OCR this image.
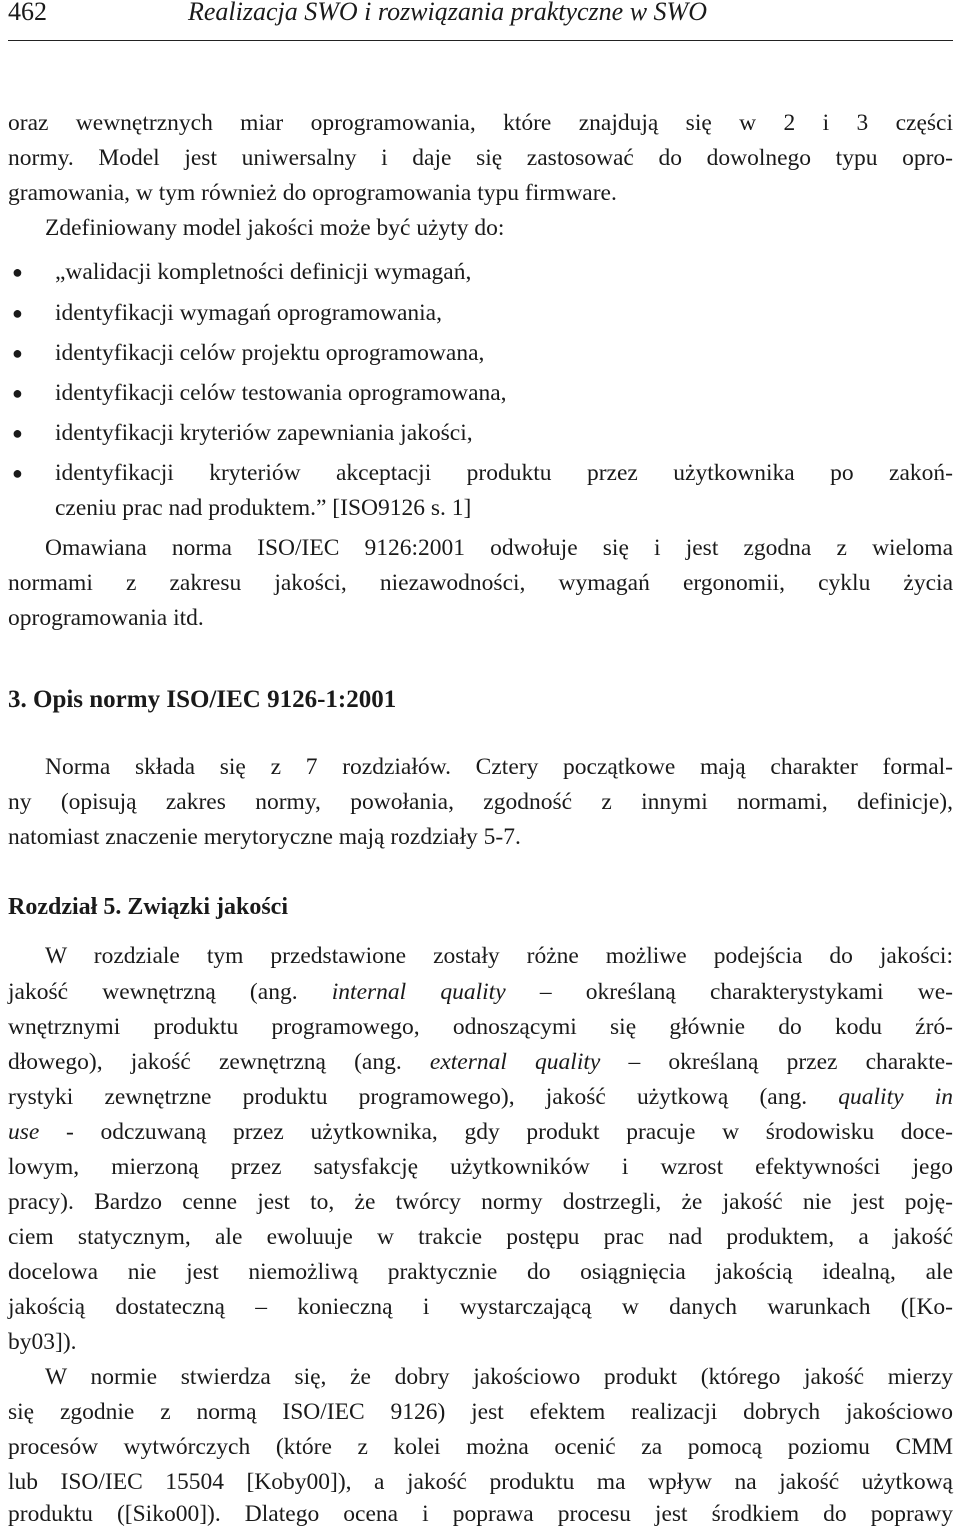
462	Realizacja SWO i rozwiązania praktyczne w SWO
oraz wewnętrznych miar oprogramowania, które znajdują się w 2 i 3 części
normy. Model jest uniwersalny i daje się zastosować do dowolnego typu opro-
gramowania, w tym również do oprogramowania typu firmware.
Zdefiniowany model jakości może być użyty do:
●	„walidacji kompletności definicji wymagań,
●	identyfikacji wymagań oprogramowania,
●	identyfikacji celów projektu oprogramowana,
●	identyfikacji celów testowania oprogramowana,
●	identyfikacji kryteriów zapewniania jakości,
●	identyfikacji kryteriów akceptacji produktu przez użytkownika po zakoń-
czeniu prac nad produktem.” [ISO9126 s. 1]
Omawiana norma ISO/IEC 9126:2001 odwołuje się i jest zgodna z wieloma
normami z zakresu jakości, niezawodności, wymagań ergonomii, cyklu życia
oprogramowania itd.
3. Opis normy ISO/IEC 9126-1:2001
Norma składa się z 7 rozdziałów. Cztery początkowe mają charakter formal-
ny (opisują zakres normy, powołania, zgodność z innymi normami, definicje),
natomiast znaczenie merytoryczne mają rozdziały 5-7.
Rozdział 5. Związki jakości
W rozdziale tym przedstawione zostały różne możliwe podejścia do jakości:
jakość wewnętrzną (ang. internal quality – określaną charakterystykami we-
wnętrznymi produktu programowego, odnoszącymi się głównie do kodu źró-
dłowego), jakość zewnętrzną (ang. external quality – określaną przez charakte-
rystyki zewnętrzne produktu programowego), jakość użytkową (ang. quality in
use - odczuwaną przez użytkownika, gdy produkt pracuje w środowisku doce-
lowym, mierzoną przez satysfakcję użytkowników i wzrost efektywności jego
pracy). Bardzo cenne jest to, że twórcy normy dostrzegli, że jakość nie jest poję-
ciem statycznym, ale ewoluuje w trakcie postępu prac nad produktem, a jakość
docelowa nie jest niemożliwą praktycznie do osiągnięcia jakością idealną, ale
jakością dostateczną – konieczną i wystarczającą w danych warunkach ([Ko-
by03]).
W normie stwierdza się, że dobry jakościowo produkt (którego jakość mierzy
się zgodnie z normą ISO/IEC 9126) jest efektem realizacji dobrych jakościowo
procesów wytwórczych (które z kolei można ocenić za pomocą poziomu CMM
lub ISO/IEC 15504 [Koby00]), a jakość produktu ma wpływ na jakość użytkową
produktu ([Siko00]). Dlatego ocena i poprawa procesu jest środkiem do poprawy
